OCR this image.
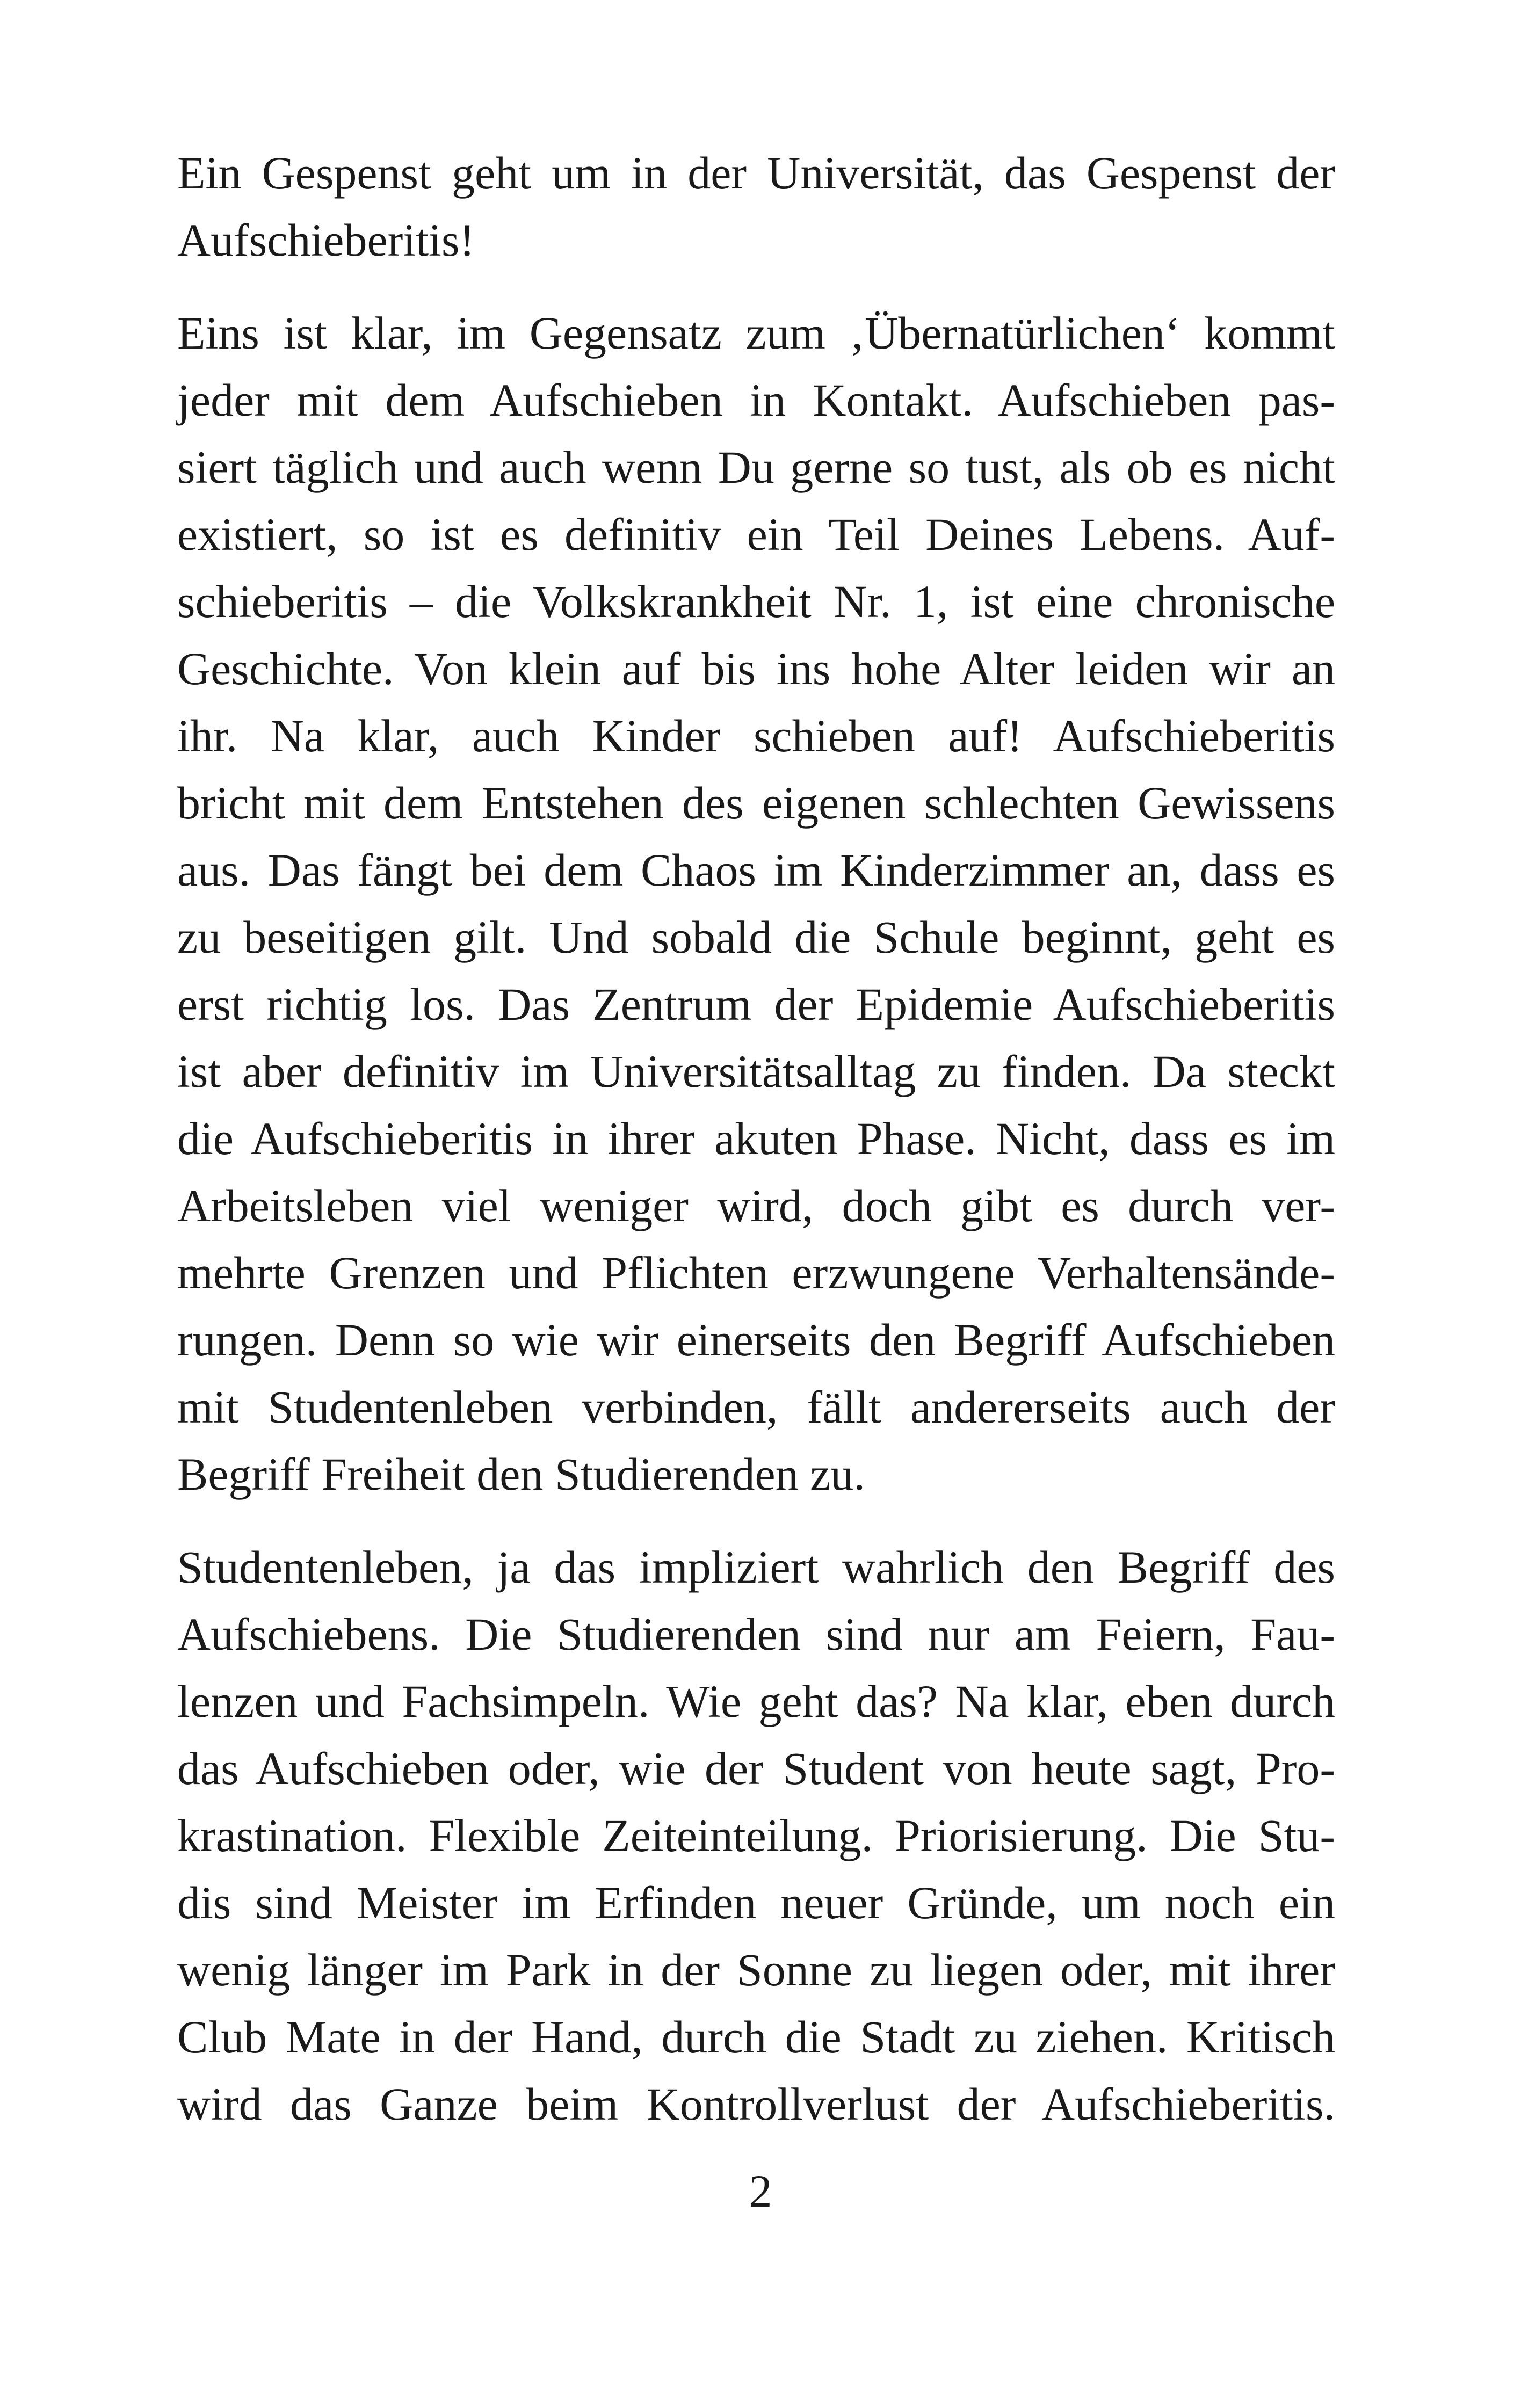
Ein Gespenst geht um in der Universität, das Gespenst der
Aufschieberitis!

Eins ist klar, im Gegensatz zum ‚Übernatürlichen‘ kommt
jeder mit dem Aufschieben in Kontakt. Aufschieben pas-
siert täglich und auch wenn Du gerne so tust, als ob es nicht
existiert, so ist es definitiv ein Teil Deines Lebens. Auf-
schieberitis – die Volkskrankheit Nr. 1, ist eine chronische
Geschichte. Von klein auf bis ins hohe Alter leiden wir an
ihr. Na klar, auch Kinder schieben auf! Aufschieberitis
bricht mit dem Entstehen des eigenen schlechten Gewissens
aus. Das fängt bei dem Chaos im Kinderzimmer an, dass es
zu beseitigen gilt. Und sobald die Schule beginnt, geht es
erst richtig los. Das Zentrum der Epidemie Aufschieberitis
ist aber definitiv im Universitätsalltag zu finden. Da steckt
die Aufschieberitis in ihrer akuten Phase. Nicht, dass es im
Arbeitsleben viel weniger wird, doch gibt es durch ver-
mehrte Grenzen und Pflichten erzwungene Verhaltensände-
rungen. Denn so wie wir einerseits den Begriff Aufschieben
mit Studentenleben verbinden, fällt andererseits auch der
Begriff Freiheit den Studierenden zu.

Studentenleben, ja das impliziert wahrlich den Begriff des
Aufschiebens. Die Studierenden sind nur am Feiern, Fau-
lenzen und Fachsimpeln. Wie geht das? Na klar, eben durch
das Aufschieben oder, wie der Student von heute sagt, Pro-
krastination. Flexible Zeiteinteilung. Priorisierung. Die Stu-
dis sind Meister im Erfinden neuer Gründe, um noch ein
wenig länger im Park in der Sonne zu liegen oder, mit ihrer
Club Mate in der Hand, durch die Stadt zu ziehen. Kritisch
wird das Ganze beim Kontrollverlust der Aufschieberitis.

2
